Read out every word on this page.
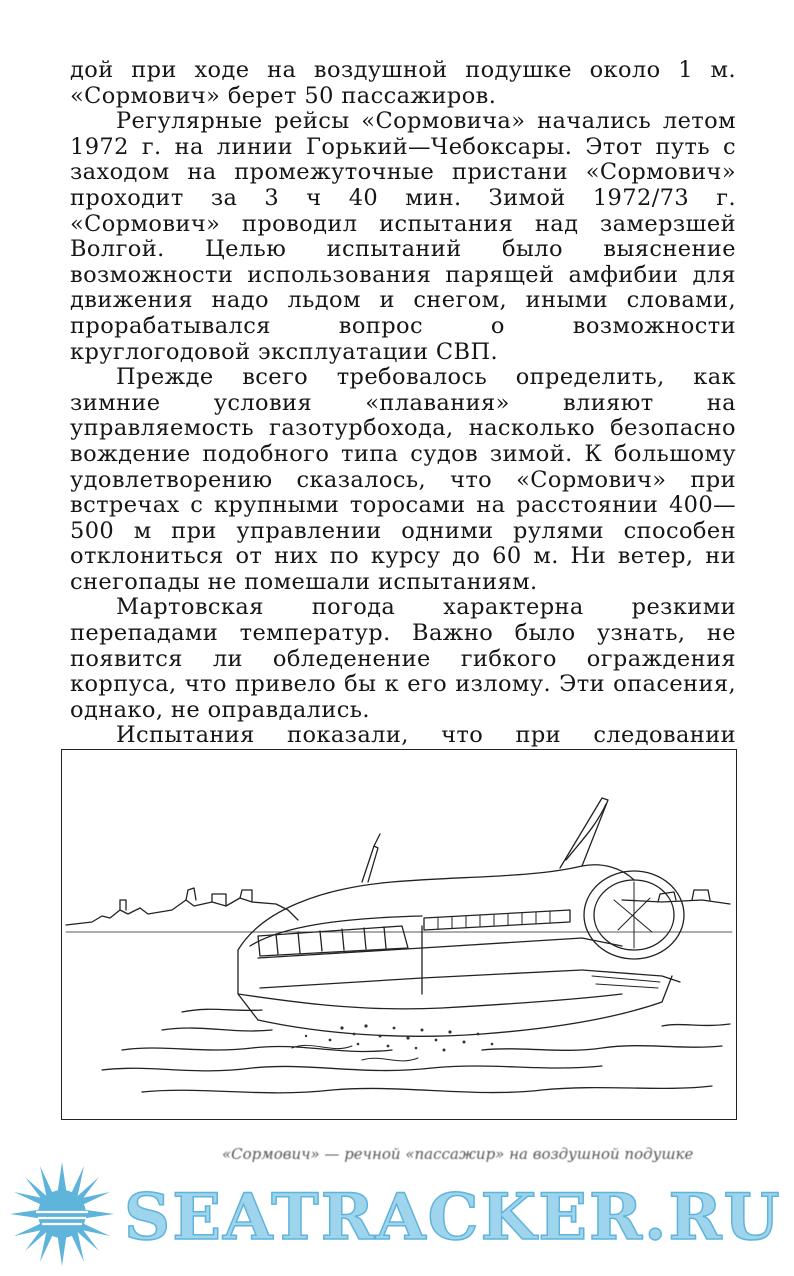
дой при ходе на воздушной подушке около 1 м. «Сормович» берет 50 пассажиров.

Регулярные рейсы «Сормовича» начались летом 1972 г. на линии Горький—Чебоксары. Этот путь с заходом на промежуточные пристани «Сормович» проходит за 3 ч 40 мин. Зимой 1972/73 г. «Сормович» проводил испытания над замерзшей Волгой. Целью испытаний было выяснение возможности использования парящей амфибии для движения надо льдом и снегом, иными словами, прорабатывался вопрос о возможности круглогодовой эксплуатации СВП.

Прежде всего требовалось определить, как зимние условия «плавания» влияют на управляемость газотурбохода, насколько безопасно вождение подобного типа судов зимой. К большому удовлетворению сказалось, что «Сормович» при встречах с крупными торосами на расстоянии 400—500 м при управлении одними рулями способен отклониться от них по курсу до 60 м. Ни ветер, ни снегопады не помешали испытаниям.

Мартовская погода характерна резкими перепадами температур. Важно было узнать, не появится ли обледенение гибкого ограждения корпуса, что привело бы к его излому. Эти опасения, однако, не оправдались.

Испытания показали, что при следовании

«Сормович» — речной «пассажир» на воздушной подушке
SEATRACKER.RU
